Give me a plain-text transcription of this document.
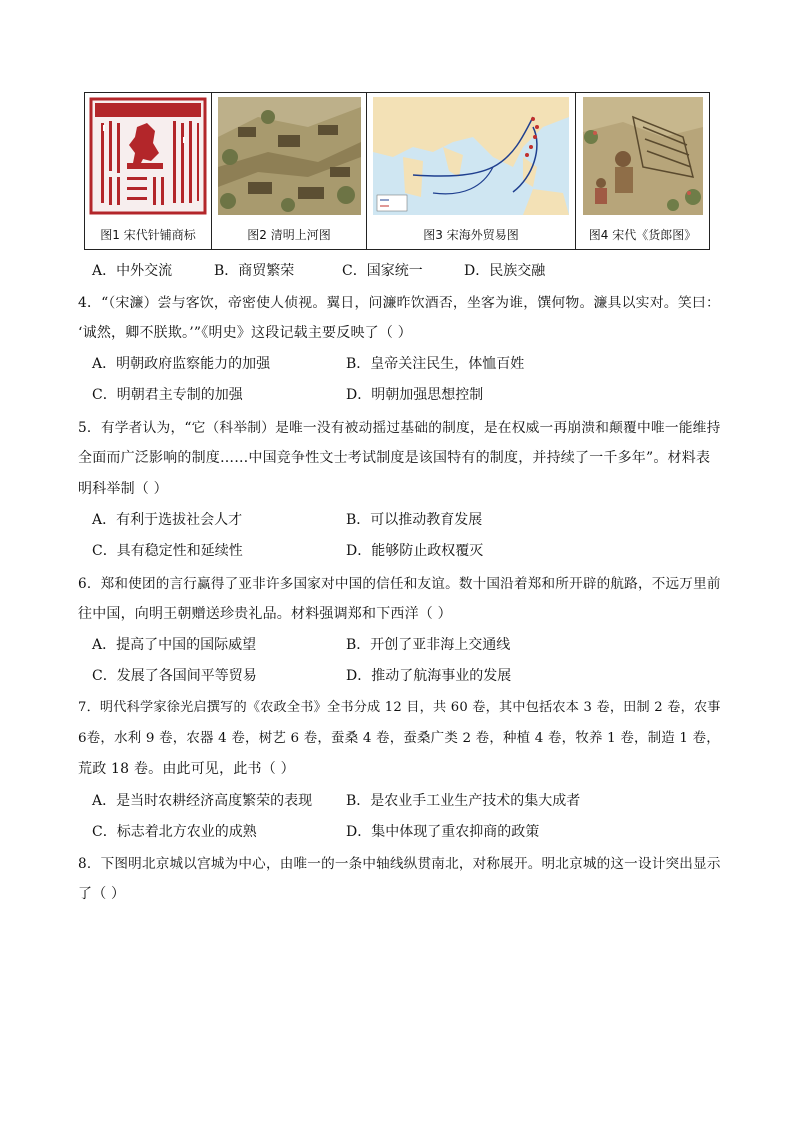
图1 宋代针铺商标	图2 清明上河图	图3 宋海外贸易图	图4 宋代《货郎图》
A．中外交流	B．商贸繁荣	C．国家统一	D．民族交融
4．“（宋濂）尝与客饮，帝密使人侦视。翼日，问濂昨饮酒否，坐客为谁，馔何物。濂具以实对。笑曰：
‘诚然，卿不朕欺。’”《明史》这段记载主要反映了（ ）
A．明朝政府监察能力的加强	B．皇帝关注民生，体恤百姓
C．明朝君主专制的加强	D．明朝加强思想控制
5．有学者认为，“它（科举制）是唯一没有被动摇过基础的制度，是在权威一再崩溃和颠覆中唯一能维持
全面而广泛影响的制度……中国竞争性文士考试制度是该国特有的制度，并持续了一千多年”。材料表
明科举制（ ）
A．有利于选拔社会人才	B．可以推动教育发展
C．具有稳定性和延续性	D．能够防止政权覆灭
6．郑和使团的言行赢得了亚非许多国家对中国的信任和友谊。数十国沿着郑和所开辟的航路，不远万里前
往中国，向明王朝赠送珍贵礼品。材料强调郑和下西洋（ ）
A．提高了中国的国际威望	B．开创了亚非海上交通线
C．发展了各国间平等贸易	D．推动了航海事业的发展
7．明代科学家徐光启撰写的《农政全书》全书分成 12 目，共 60 卷，其中包括农本 3 卷，田制 2 卷，农事
6卷，水利 9 卷，农器 4 卷，树艺 6 卷，蚕桑 4 卷，蚕桑广类 2 卷，种植 4 卷，牧养 1 卷，制造 1 卷，
荒政 18 卷。由此可见，此书（ ）
A．是当时农耕经济高度繁荣的表现 B．是农业手工业生产技术的集大成者
C．标志着北方农业的成熟	D．集中体现了重农抑商的政策
8．下图明北京城以宫城为中心，由唯一的一条中轴线纵贯南北，对称展开。明北京城的这一设计突出显示
了（ ）
